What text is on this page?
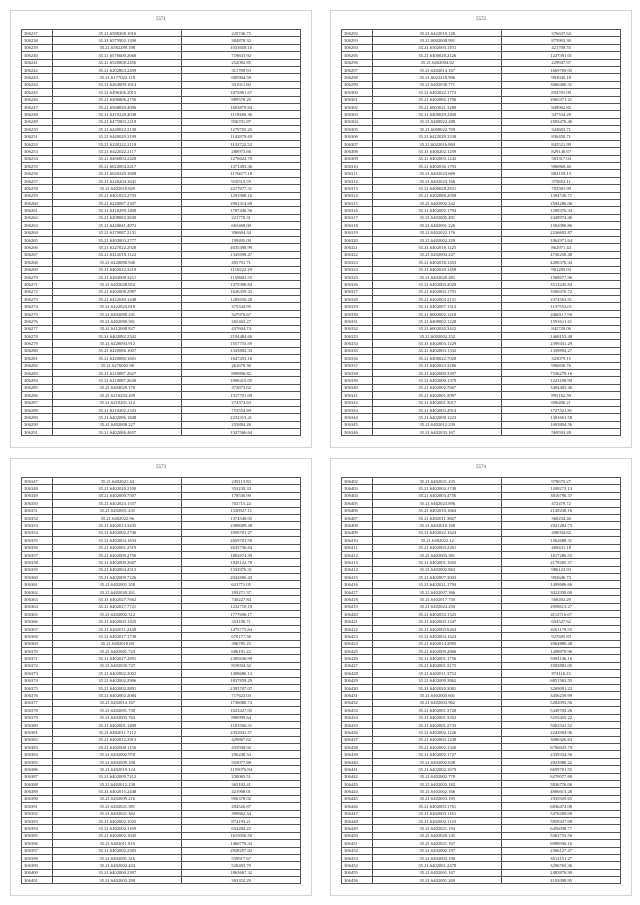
5571
306237	35.21.6588208.1016	229746.75
306238	35.21.6575902.1390	384878.32
306239	35.21.6582289.198	1033658.10
306240	35.21.6576600.2660	719633.92
306241	35.21.6520808.2456	252082.85
306242	35.21.6202863.2459	311789.93
306243	35.21.6177023.119	685904.59
306244	35.21.6263009.1014	331011.60
306245	35.21.6496306.2015	1075861.67
306246	35.21.6496806.2756	889578.20
306247	35.21.6568039.4096	1603879.84
306248	35.21.6419228.4048	1119486.36
306249	35.21.6475903.2219	856701.87
306250	35.21.6440022.2130	1279705.25
306251	35.21.6440029.3199	1142879.49
306252	35.21.6220222.2118	1132722.52
306253	35.21.6422022.2117	288973.66
306254	35.21.6466004.2428	1276622.70
306255	35.21.6022004.2417	1371493.36
306256	35.21.6020229.1608	1176677.18
306257	35.21.6220204.1641	910515.55
306258	35.21.6402018.829	2217677.31
306259	35.21.6401023.2703	1291908.16
306260	35.21.6220087.2307	2902314.69
306261	35.21.6418299.1408	1787446.56
306262	35.21.6208083.3849	221770.31
306263	35.21.6420041.4972	665468.00
306264	35.21.6270087.2131	396604.34
306265	35.21.6402003.2777	199495.09
306266	35.21.6227022.2928	4035398.99
306267	35.21.6412018.1122	1345698.47
306268	35.21.6420080.940	495791.71
306269	35.21.6402022.3218	1116522.29
306270	35.21.6404000.3211	1159802.55
306271	35.21.6402028.852	1375396.84
306272	35.21.6402008.2987	1626359.32
306273	35.21.6422040.1448	1285656.20
306274	35.21.6422023.818	375344.95
306275	35.21.6402080.241	327976.67
306276	35.21.6402080.381	265463.27
306277	35.21.6412008.827	437604.74
306278	35.21.6402082.2342	2194484.66
306279	35.21.6220094.912	1557755.59
306280	35.21.6420086.1607	1343802.33
306281	35.21.6420080.1601	1647453.18
306282	35.21.6276002.98	261678.30
306283	35.21.6210087.2627	899896.82
306284	35.21.6210087.2630	1096415.05
306285	35.21.6404029.176	372873.62
306286	35.21.6210204.209	1317701.09
306287	35.21.6210201.212	274374.63
306288	35.21.6210202.2343	753554.89
306289	35.21.6402086.1848	2232313.41
306290	35.21.6402008.227	255884.26
306291	35.21.6402086.4657	1327566.64
5572
306292	35.21.6422010.126	376637.62
306293	35.21.6002008.991	875903.30
306294	35.21.6502003.1101	421709.55
306295	35.21.6400028.2126	1227391.01
306296	35.21.6402004.82	229947.97
306297	35.21.6402014.167	1669769.05
306298	35.21.6022218.996	993045.18
306299	35.21.6402030.771	3060400.31
306300	35.21.6402022.1772	834701.09
306301	35.21.6402082.1706	2965371.21
306302	35.21.6003021.3288	849962.85
306303	35.21.6400029.2408	347534.28
306304	35.21.6400022.288	2503476.46
306305	35.21.6000022.769	344603.71
306306	35.21.6422029.3338	836450.71
306307	35.21.6022016.869	845521.99
306308	35.21.6400202.1259	829146.67
306309	35.21.6402003.1242	583317.04
306310	35.21.6402036.1793	906860.46
306311	35.21.6402023.669	884159.13
306312	35.21.6402023.166	370852.11
306313	35.21.6400028.2831	702581.99
306314	35.21.6202088.2058	1394726.71
306315	35.21.6402002.242	2594286.06
306316	35.21.6402002.1794	1208376.34
306317	35.21.6402005.491	2449974.46
306318	35.21.6402001.226	1502006.86
306319	35.21.6402022.176	2236692.87
306320	35.21.6402002.229	1062971.64
306321	35.21.6402018.1225	862971.44
306322	35.21.6402004.247	4736258.48
306323	35.21.6402018.1453	4206376.34
306324	35.21.6402020.1458	901285.03
306325	35.21.6402020.281	1568677.96
306326	35.21.6402003.2028	3513245.84
306327	35.21.6402003.1701	3500476.72
306328	35.21.6402004.2131	2374563.91
306329	35.21.6402007.1312	1137552.01
306330	35.21.6002002.1218	2460117.56
306331	35.21.6400002.1228	1591611.41
306332	35.21.6002020.3422	842729.06
306333	35.21.6002002.252	1468153.48
306334	35.21.6402003.1229	2399431.29
306335	35.21.6402003.1332	1339894.27
306336	35.21.6400022.7028	323079.15
306337	35.21.6402023.3286	996836.76
306338	35.21.6402000.3397	7536279.16
306339	35.21.6402000.1379	1223108.99
306340	35.21.6402002.7667	3404405.46
306341	35.21.6402001.3997	895162.59
306342	35.21.6402001.3017	696406.21
306343	35.21.6402003.4914	1727521.81
306344	35.21.6402008.1223	1301661.58
306345	35.21.6402012.239	1003894.56
306346	35.21.6402033.167	569593.48
5573
306347	35.21.6402021.44	239113.83
306348	35.21.6402020.2100	352230.33
306349	35.21.6402000.7507	178536.90
306350	35.21.6402023.1557	702715.22
306351	35.21.6402001.435	1330927.11
306352	35.21.6402022.96	1374548.05
306353	35.21.6402013.3435	2389009.48
306354	35.21.6402002.2746	1056701.27
306355	35.21.6402004.1633	2659701.59
306356	35.21.6402001.2519	2635736.64
306357	35.21.6402009.2756	1882674.39
306358	35.21.6402009.2607	1845122.78
306359	35.21.6402004.4313	1332976.31
306360	35.21.6402009.7226	2042606.43
306361	35.21.6402001.358	621771.05
306362	35.21.6402020.261	295271.37
306363	35.21.6402027.7662	740227.84
306364	35.21.6402027.7721	1232710.19
306365	35.21.6402002.312	1777696.17
306366	35.21.6402003.1425	354106.71
306367	35.21.6402011.2448	1475775.64
306368	35.21.6402027.1738	670177.56
306369	35.21.6402018.69	396785.25
306370	35.21.6402001.723	606191.22
306371	35.21.6402027.2891	2385636.99
306372	35.21.6402035.747	819034.32
306373	35.21.6402002.2002	1408686.13
306374	35.21.6402002.2906	1837859.29
306375	35.21.6402002.2891	2395707.07
306376	35.21.6402002.2084	717623.03
306377	35.21.6402012.167	1736080.74
306378	35.21.6402001.758	1623427.05
306379	35.21.6402003.764	896999.64
306380	35.21.6402001.1409	1181566.31
306381	35.21.6402011.7112	2352041.57
306382	35.21.6402012.2913	429867.62
306383	35.21.6402000.1156	435938.92
306384	35.21.6402002.978	296240.34
306385	35.21.6402009.108	553077.88
306386	35.21.6402019.124	1195076.84
306387	35.21.6402009.7212	230065.51
306388	35.21.6402012.130	365192.41
306389	35.21.6402015.2448	421908.01
306390	35.21.6402009.216	906378.02
306391	35.21.6402021.381	294526.87
306392	35.21.6402021.362	399662.34
306393	35.21.6402002.1025	874193.21
306394	35.21.6402002.1169	634284.22
306395	35.21.6402002.1045	1615050.50
306396	35.21.6402011.810	1460776.34
306397	35.21.6402002.2305	2928257.02
306398	35.21.6402001.316	559917.67
306399	35.21.6402002.424	528403.79
306400	35.21.6402000.2397	1863667.32
306401	35.21.6402003.298	303352.29
5574
306402	35.21.6402021.235	978675.27
306403	35.21.6402002.1749	1208273.13
306404	35.21.6402003.4756	3816796.37
306405	35.21.6402023.896	472479.72
306406	35.21.6402010.1664	2149238.16
306407	35.21.6402011.3667	360234.46
306408	35.21.6402010.168	2921282.73
306409	35.21.6402022.1624	408034.62
306410	35.21.6402022.12	1562688.31
306411	35.21.6402003.2261	469431.18
306412	35.21.6402003.381	1617286.55
306413	35.21.6402001.1692	2179285.37
306414	35.21.6402002.863	986123.93
306415	35.21.6402007.3003	992646.73
306416	35.21.6402021.1794	1499686.66
306417	35.21.6402007.366	3022930.00
306418	35.21.6402017.750	568492.29
306419	35.21.6402024.250	2958613.27
306420	35.21.6402033.1325	4112716.67
306421	35.21.6402003.1347	654527.62
306422	35.21.6402003.6264	4261178.55
306423	35.21.6402004.1624	927685.83
306424	35.21.6402014.2895	2064880.48
306425	35.21.6402009.2866	1208979.96
306426	35.21.6402001.1756	5094146.16
306427	35.21.6402001.3175	1903882.05
306428	35.21.6402011.3752	874116.23
306429	35.21.6402009.3862	6851563.55
306430	35.21.6402020.3081	3269091.22
306431	35.21.6402003.601	3456239.99
306432	35.21.6402003.962	5282093.56
306433	35.21.6402001.3728	5449703.26
306434	35.21.6402001.3352	5255455.22
306435	35.21.6402001.2733	5002541.52
306436	35.21.6402002.1226	2243904.06
306437	35.21.6402003.1238	3686326.63
306438	35.21.6402002.1320	6796025.79
306439	35.21.6402002.1727	2339334.56
306440	35.21.6402002.638	2823988.22
306441	35.21.6402002.1670	6699701.55
306442	35.21.6402002.778	6270077.60
306443	35.21.6402002.182	5836776.06
306444	35.21.6402002.166	4906613.28
306445	35.21.6402003.185	1935929.65
306446	35.21.6402003.1761	6836474.08
306447	35.21.6402003.1161	5476309.00
306448	35.21.6402002.1125	5859437.08
306449	35.21.6402021.194	6456038.77
306450	35.21.6402020.145	5363753.56
306451	35.21.6402021.167	6998936.16
306452	35.21.6402002.197	2566127.47
306453	35.21.6402003.190	3613151.27
306454	35.21.6402001.2478	3296765.36
306455	35.21.6402001.167	2483876.90
306456	35.21.6402001.269	4102098.95
